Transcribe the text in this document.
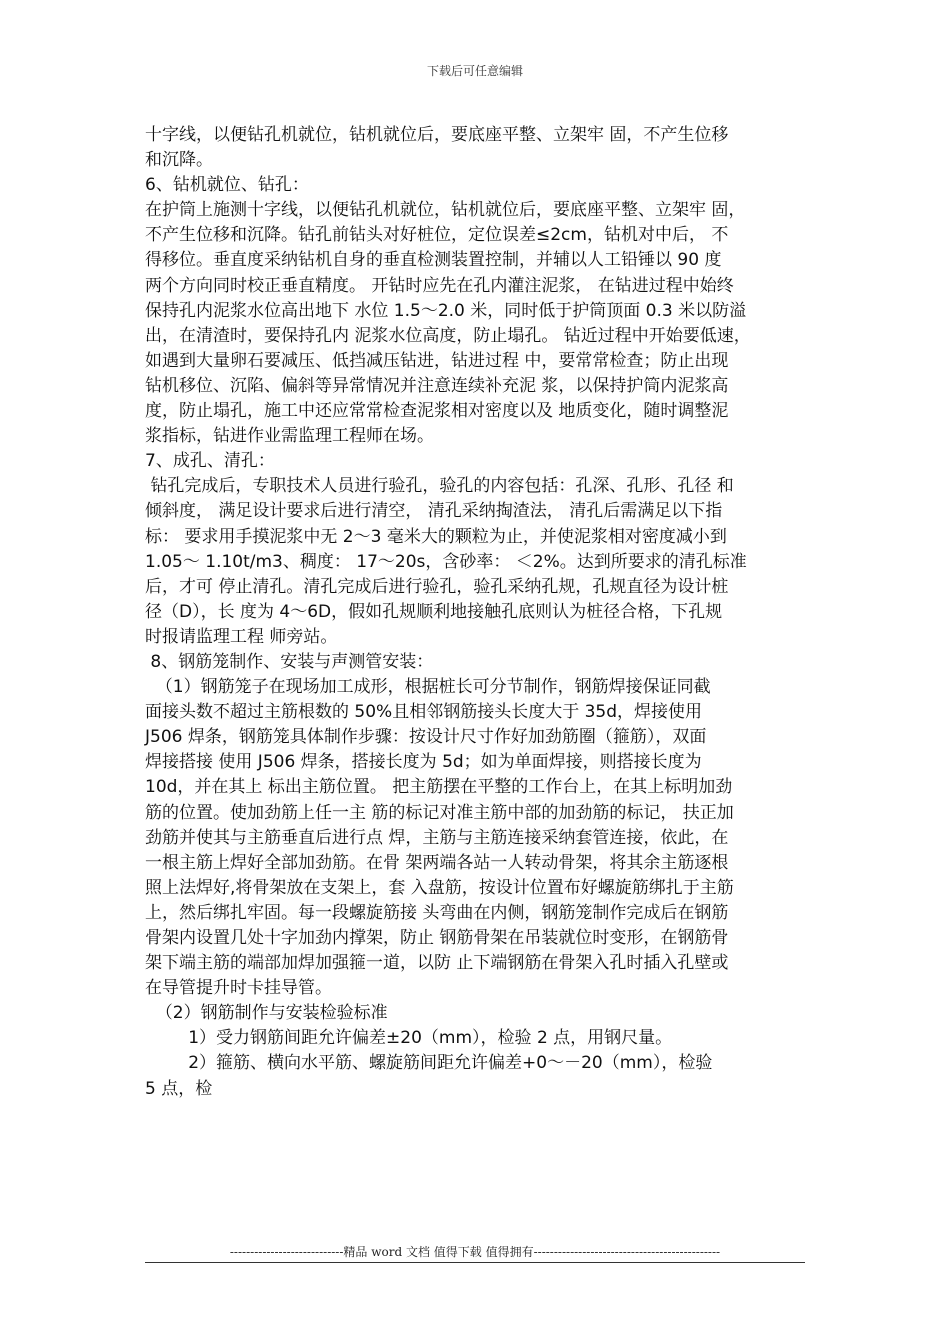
下载后可任意编辑
十字线，以便钻孔机就位，钻机就位后，要底座平整、立架牢 固，不产生位移
和沉降。
6、钻机就位、钻孔：
在护筒上施测十字线，以便钻孔机就位，钻机就位后，要底座平整、立架牢 固，
不产生位移和沉降。钻孔前钻头对好桩位，定位误差≤2cm，钻机对中后， 不
得移位。垂直度采纳钻机自身的垂直检测装置控制，并辅以人工铅锤以 90 度
两个方向同时校正垂直精度。 开钻时应先在孔内灌注泥浆， 在钻进过程中始终
保持孔内泥浆水位高出地下 水位 1.5～2.0 米，同时低于护筒顶面 0.3 米以防溢
出，在清渣时，要保持孔内 泥浆水位高度，防止塌孔。 钻近过程中开始要低速，
如遇到大量卵石要减压、低挡减压钻进，钻进过程 中，要常常检查；防止出现
钻机移位、沉陷、偏斜等异常情况并注意连续补充泥 浆，以保持护筒内泥浆高
度，防止塌孔，施工中还应常常检查泥浆相对密度以及 地质变化，随时调整泥
浆指标，钻进作业需监理工程师在场。
7、成孔、清孔：
钻孔完成后，专职技术人员进行验孔，验孔的内容包括：孔深、孔形、孔径 和
倾斜度， 满足设计要求后进行清空， 清孔采纳掏渣法， 清孔后需满足以下指
标： 要求用手摸泥浆中无 2～3 毫米大的颗粒为止，并使泥浆相对密度减小到
1.05～ 1.10t/m3、稠度： 17～20s，含砂率： ＜2%。达到所要求的清孔标准
后，才可 停止清孔。清孔完成后进行验孔，验孔采纳孔规，孔规直径为设计桩
径（D），长 度为 4～6D，假如孔规顺利地接触孔底则认为桩径合格，下孔规
时报请监理工程 师旁站。
8、钢筋笼制作、安装与声测管安装：
（1）钢筋笼子在现场加工成形，根据桩长可分节制作，钢筋焊接保证同截
面接头数不超过主筋根数的 50%且相邻钢筋接头长度大于 35d，焊接使用
J506 焊条，钢筋笼具体制作步骤：按设计尺寸作好加劲筋圈（箍筋），双面
焊接搭接 使用 J506 焊条，搭接长度为 5d；如为单面焊接，则搭接长度为
10d，并在其上 标出主筋位置。 把主筋摆在平整的工作台上，在其上标明加劲
筋的位置。使加劲筋上任一主 筋的标记对准主筋中部的加劲筋的标记， 扶正加
劲筋并使其与主筋垂直后进行点 焊，主筋与主筋连接采纳套管连接，依此，在
一根主筋上焊好全部加劲筋。在骨 架两端各站一人转动骨架，将其余主筋逐根
照上法焊好,将骨架放在支架上，套 入盘筋，按设计位置布好螺旋筋绑扎于主筋
上，然后绑扎牢固。每一段螺旋筋接 头弯曲在内侧，钢筋笼制作完成后在钢筋
骨架内设置几处十字加劲内撑架，防止 钢筋骨架在吊装就位时变形，在钢筋骨
架下端主筋的端部加焊加强箍一道，以防 止下端钢筋在骨架入孔时插入孔壁或
在导管提升时卡挂导管。
（2）钢筋制作与安装检验标准
1）受力钢筋间距允许偏差±20（mm），检验 2 点，用钢尺量。
2）箍筋、横向水平筋、螺旋筋间距允许偏差+0～－20（mm），检验
5 点，检
----------------------------精品 word 文档 值得下载 值得拥有----------------------------------------------
